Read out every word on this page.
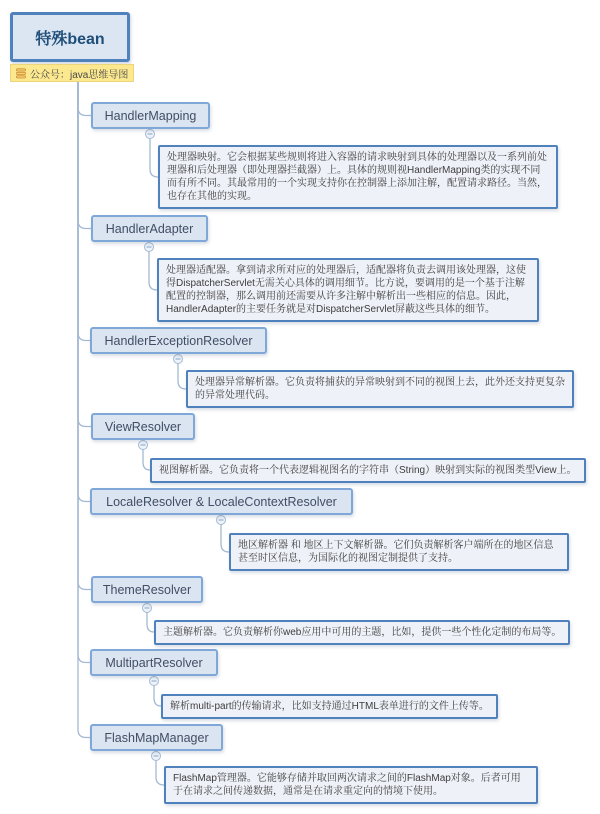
特殊bean
公众号：java思维导图
HandlerMapping
处理器映射。它会根据某些规则将进入容器的请求映射到具体的处理器以及一系列前处理器和后处理器（即处理器拦截器）上。具体的规则视HandlerMapping类的实现不同而有所不同。其最常用的一个实现支持你在控制器上添加注解，配置请求路径。当然，也存在其他的实现。
HandlerAdapter
处理器适配器。拿到请求所对应的处理器后，适配器将负责去调用该处理器，这使得DispatcherServlet无需关心具体的调用细节。比方说，要调用的是一个基于注解配置的控制器，那么调用前还需要从许多注解中解析出一些相应的信息。因此，HandlerAdapter的主要任务就是对DispatcherServlet屏蔽这些具体的细节。
HandlerExceptionResolver
处理器异常解析器。它负责将捕获的异常映射到不同的视图上去，此外还支持更复杂的异常处理代码。
ViewResolver
视图解析器。它负责将一个代表逻辑视图名的字符串（String）映射到实际的视图类型View上。
LocaleResolver & LocaleContextResolver
地区解析器 和 地区上下文解析器。它们负责解析客户端所在的地区信息甚至时区信息，为国际化的视图定制提供了支持。
ThemeResolver
主题解析器。它负责解析你web应用中可用的主题，比如，提供一些个性化定制的布局等。
MultipartResolver
解析multi-part的传输请求，比如支持通过HTML表单进行的文件上传等。
FlashMapManager
FlashMap管理器。它能够存储并取回两次请求之间的FlashMap对象。后者可用于在请求之间传递数据，通常是在请求重定向的情境下使用。
